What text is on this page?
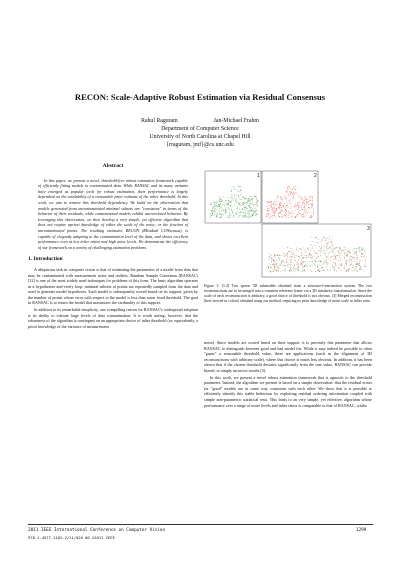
RECON: Scale-Adaptive Robust Estimation via Residual Consensus
Rahul Raguram	Jan-Michael Frahm
Department of Computer Science
University of North Carolina at Chapel Hill
{rraguram, jmf}@cs.unc.edu
Abstract

In this paper, we present a novel, threshold-free robust estimation framework capable of efficiently fitting models to contaminated data. While RANSAC and its many variants have emerged as popular tools for robust estimation, their performance is largely dependent on the availability of a reasonable prior estimate of the inlier threshold. In this work, we aim to remove this threshold dependency. We build on the observation that models generated from uncontaminated minimal subsets are "consistent" in terms of the behavior of their residuals, while contaminated models exhibit uncorrelated behavior. By leveraging this observation, we then develop a very simple, yet effective algorithm that does not require apriori knowledge of either the scale of the noise, or the fraction of uncontaminated points. The resulting estimator, RECON (REsidual CONsensus), is capable of elegantly adapting to the contamination level of the data, and shows excellent performance even at low inlier ratios and high noise levels. We demonstrate the efficiency of our framework on a variety of challenging estimation problems.

1. Introduction

A ubiquitous task in computer vision is that of estimating the parameters of a model from data that may be contaminated with measurement noise and outliers. Random Sample Consensus (RANSAC) [12] is one of the most widely used techniques for problems of this form. The basic algorithm operates in a hypothesize-and-verify loop: minimal subsets of points are repeatedly sampled from the data and used to generate model hypotheses. Each model is subsequently scored based on its support, given by the number of points whose error with respect to the model is less than some fixed threshold. The goal in RANSAC is to return the model that maximizes the cardinality of this support.

In addition to its remarkable simplicity, one compelling reason for RANSAC's widespread adoption is its ability to tolerate large levels of data contamination. It is worth noting, however, that the robustness of the algorithm is contingent on an appropriate choice of inlier threshold (or, equivalently, a priori knowledge of the variance of measurement

1	2
3
Figure 1: [1-2] Two sparse 3D submodels obtained from a structure-from-motion system. The two reconstructions are to be merged into a common reference frame via a 3D similarity transformation. Since the scale of each reconstruction is arbitrary, a good choice of threshold is not obvious. [3] Merged reconstruction (best viewed in colour) obtained using our method, requiring no prior knowledge of noise scale or inlier ratio.

noise). Since models are scored based on their support, it is precisely this parameter that allows RANSAC to distinguish between good and bad model fits. While it may indeed be possible to often "guess" a reasonable threshold value, there are applications (such as the alignment of 3D reconstructions with arbitrary scale), where this choice is much less obvious. In addition, it has been shown that if the chosen threshold deviates significantly from the true value, RANSAC can provide biased, or simply incorrect results [5].

In this work, we present a novel robust estimation framework that is agnostic to the threshold parameter. Instead, the algorithm we present is based on a simple observation: that the residual errors for "good" models are in some way consistent with each other. We show that it is possible to efficiently identify this stable behaviour by exploiting residual ordering information coupled with simple non-parametric statistical tests. This leads to an very simple, yet effective, algorithm whose performance over a range of noise levels and inlier ratios is comparable to that of RANSAC, whilst

2011 IEEE International Conference on Computer Vision
978-1-4577-1102-2/11/$26.00 ©2011 IEEE
1299
